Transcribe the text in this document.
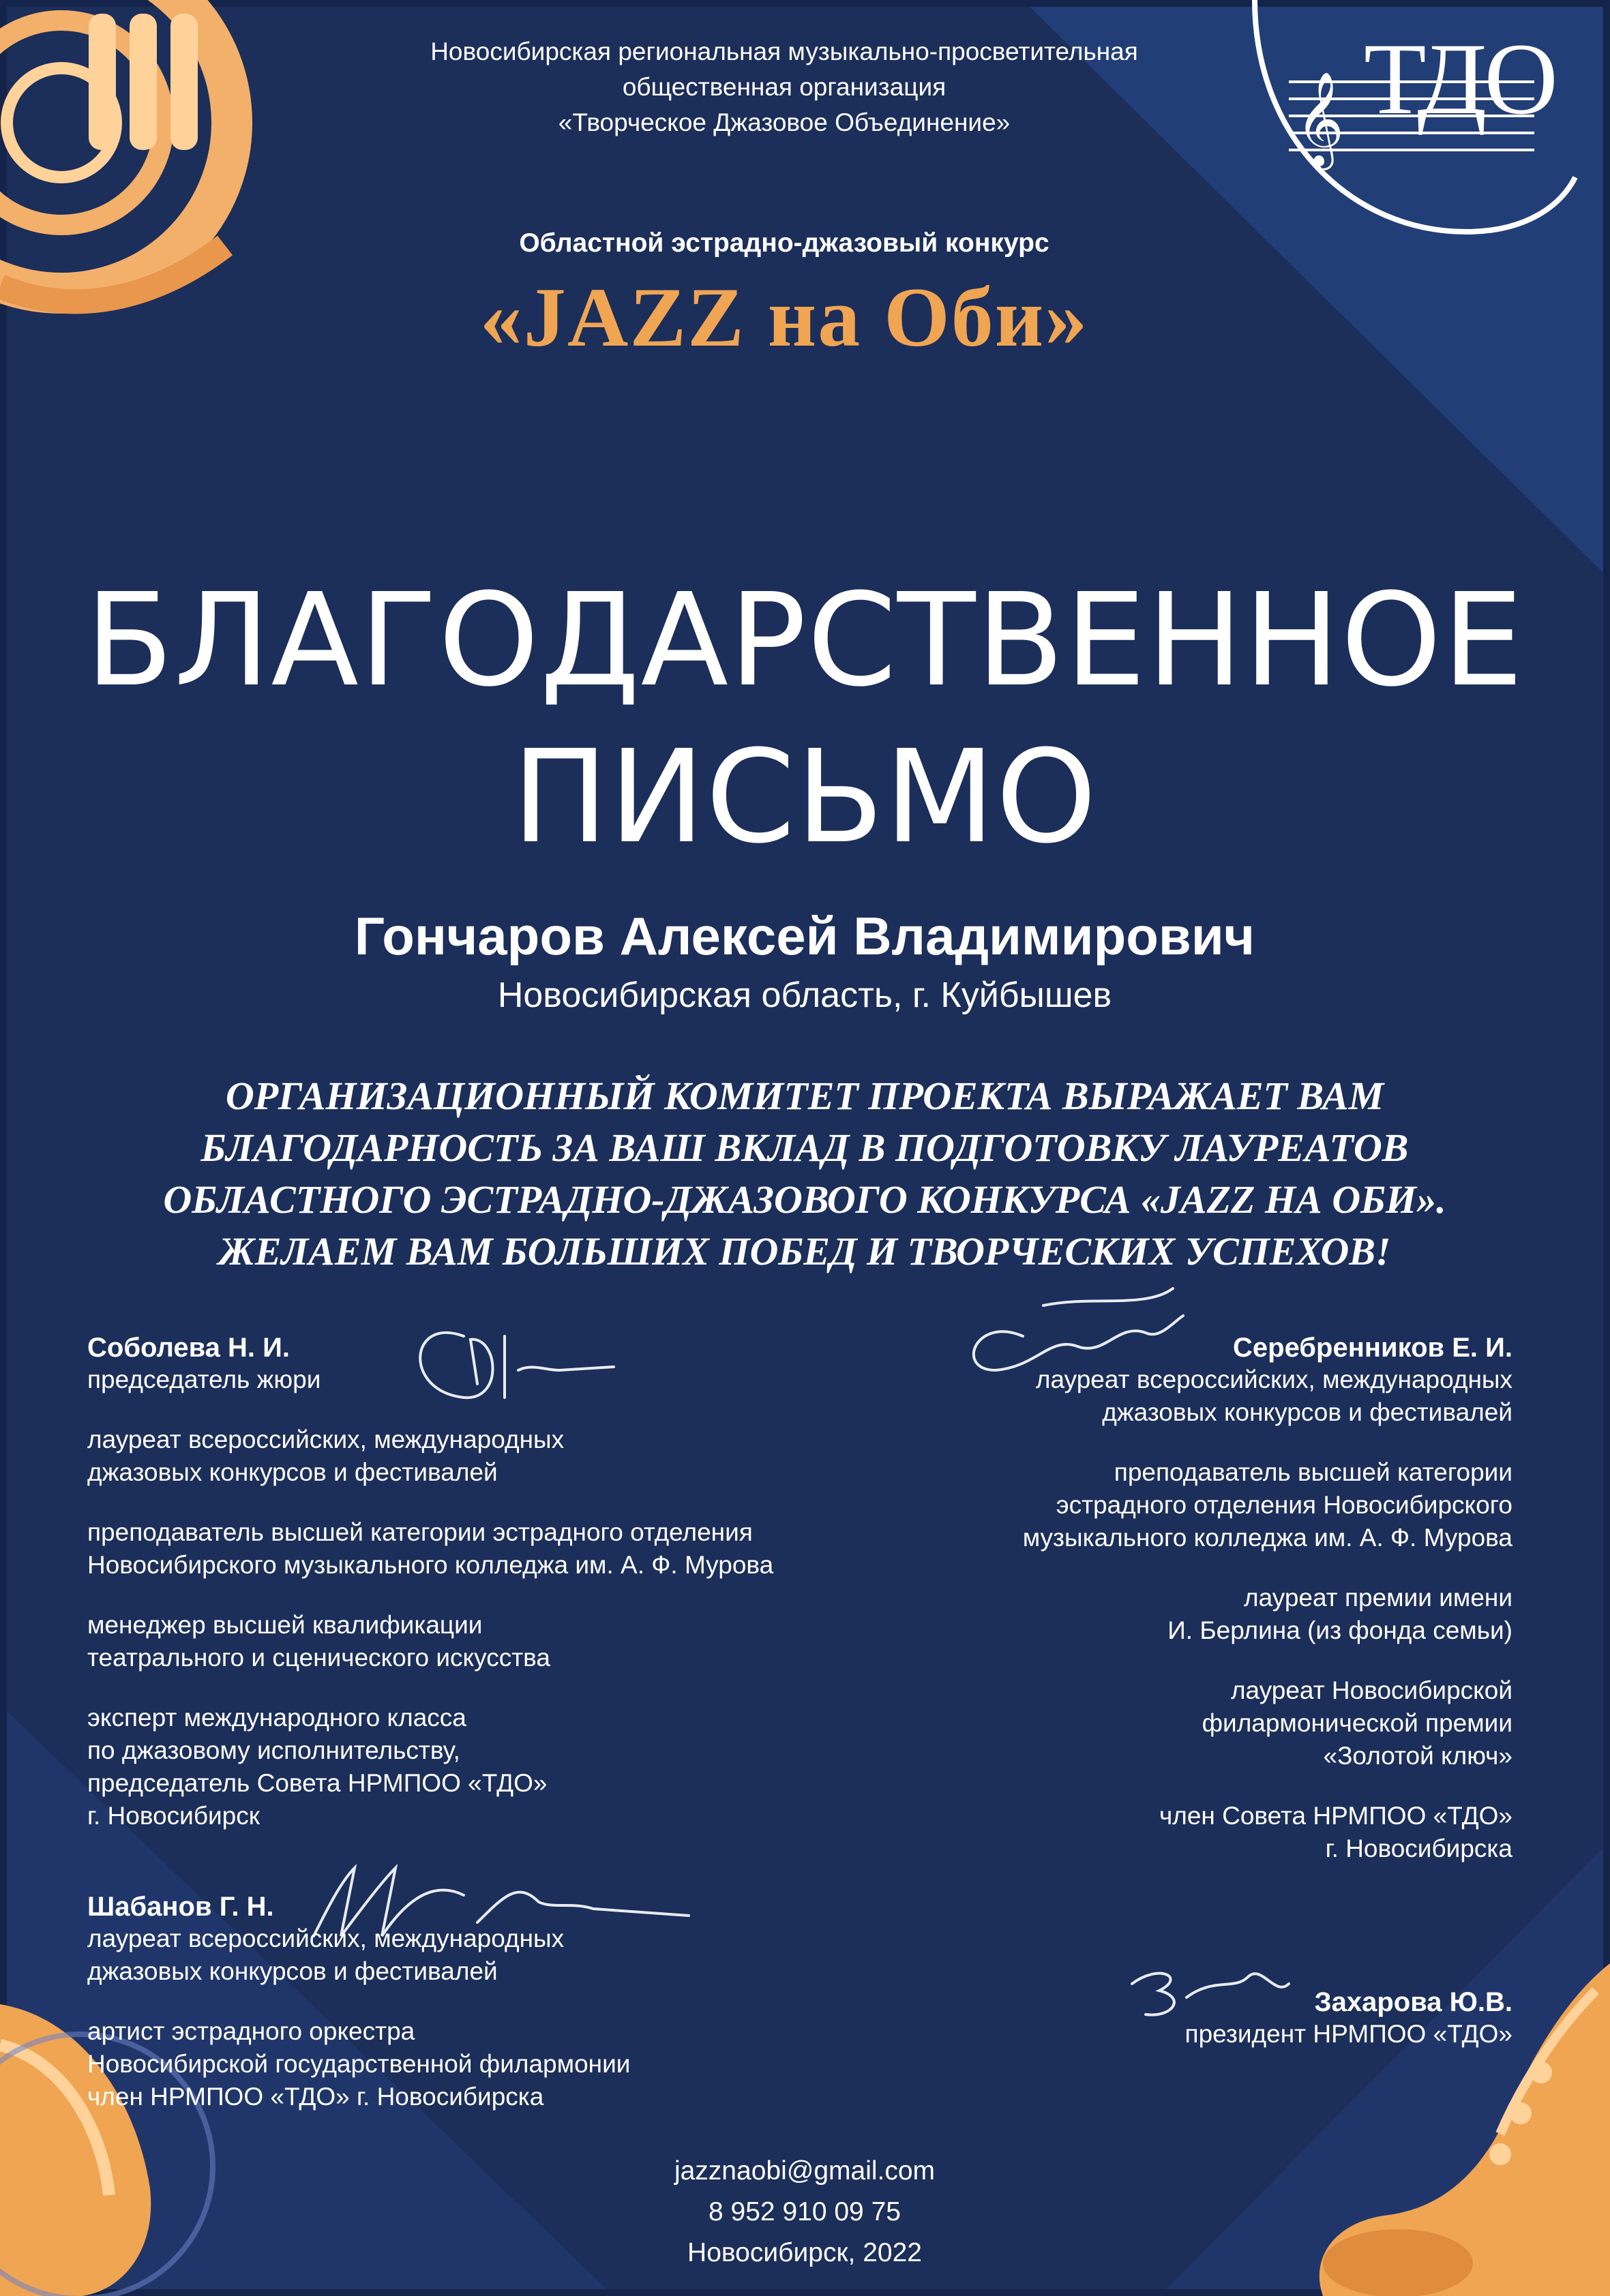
Новосибирская региональная музыкально-просветительная
общественная организация
«Творческое Джазовое Объединение»	𝄞 ТДО
Областной эстрадно-джазовый конкурс
«JAZZ на Оби»
БЛАГОДАРСТВЕННОЕ
ПИСЬМО
Гончаров Алексей Владимирович
Новосибирская область, г. Куйбышев
ОРГАНИЗАЦИОННЫЙ КОМИТЕТ ПРОЕКТА ВЫРАЖАЕТ ВАМ
БЛАГОДАРНОСТЬ ЗА ВАШ ВКЛАД В ПОДГОТОВКУ ЛАУРЕАТОВ
ОБЛАСТНОГО ЭСТРАДНО-ДЖАЗОВОГО КОНКУРСА «JAZZ НА ОБИ».
ЖЕЛАЕМ ВАМ БОЛЬШИХ ПОБЕД И ТВОРЧЕСКИХ УСПЕХОВ!
Соболева Н. И.
председатель жюри
лауреат всероссийских, международных
джазовых конкурсов и фестивалей
преподаватель высшей категории эстрадного отделения
Новосибирского музыкального колледжа им. А. Ф. Мурова
менеджер высшей квалификации
театрального и сценического искусства
эксперт международного класса
по джазовому исполнительству,
председатель Совета НРМПОО «ТДО»
г. Новосибирск
Шабанов Г. Н.
лауреат всероссийских, международных
джазовых конкурсов и фестивалей
артист эстрадного оркестра
Новосибирской государственной филармонии
член НРМПОО «ТДО» г. Новосибирска
Серебренников Е. И.
лауреат всероссийских, международных
джазовых конкурсов и фестивалей
преподаватель высшей категории
эстрадного отделения Новосибирского
музыкального колледжа им. А. Ф. Мурова
лауреат премии имени
И. Берлина (из фонда семьи)
лауреат Новосибирской
филармонической премии
«Золотой ключ»
член Совета НРМПОО «ТДО»
г. Новосибирска
Захарова Ю.В.
президент НРМПОО «ТДО»
jazznaobi@gmail.com
8 952 910 09 75
Новосибирск, 2022
